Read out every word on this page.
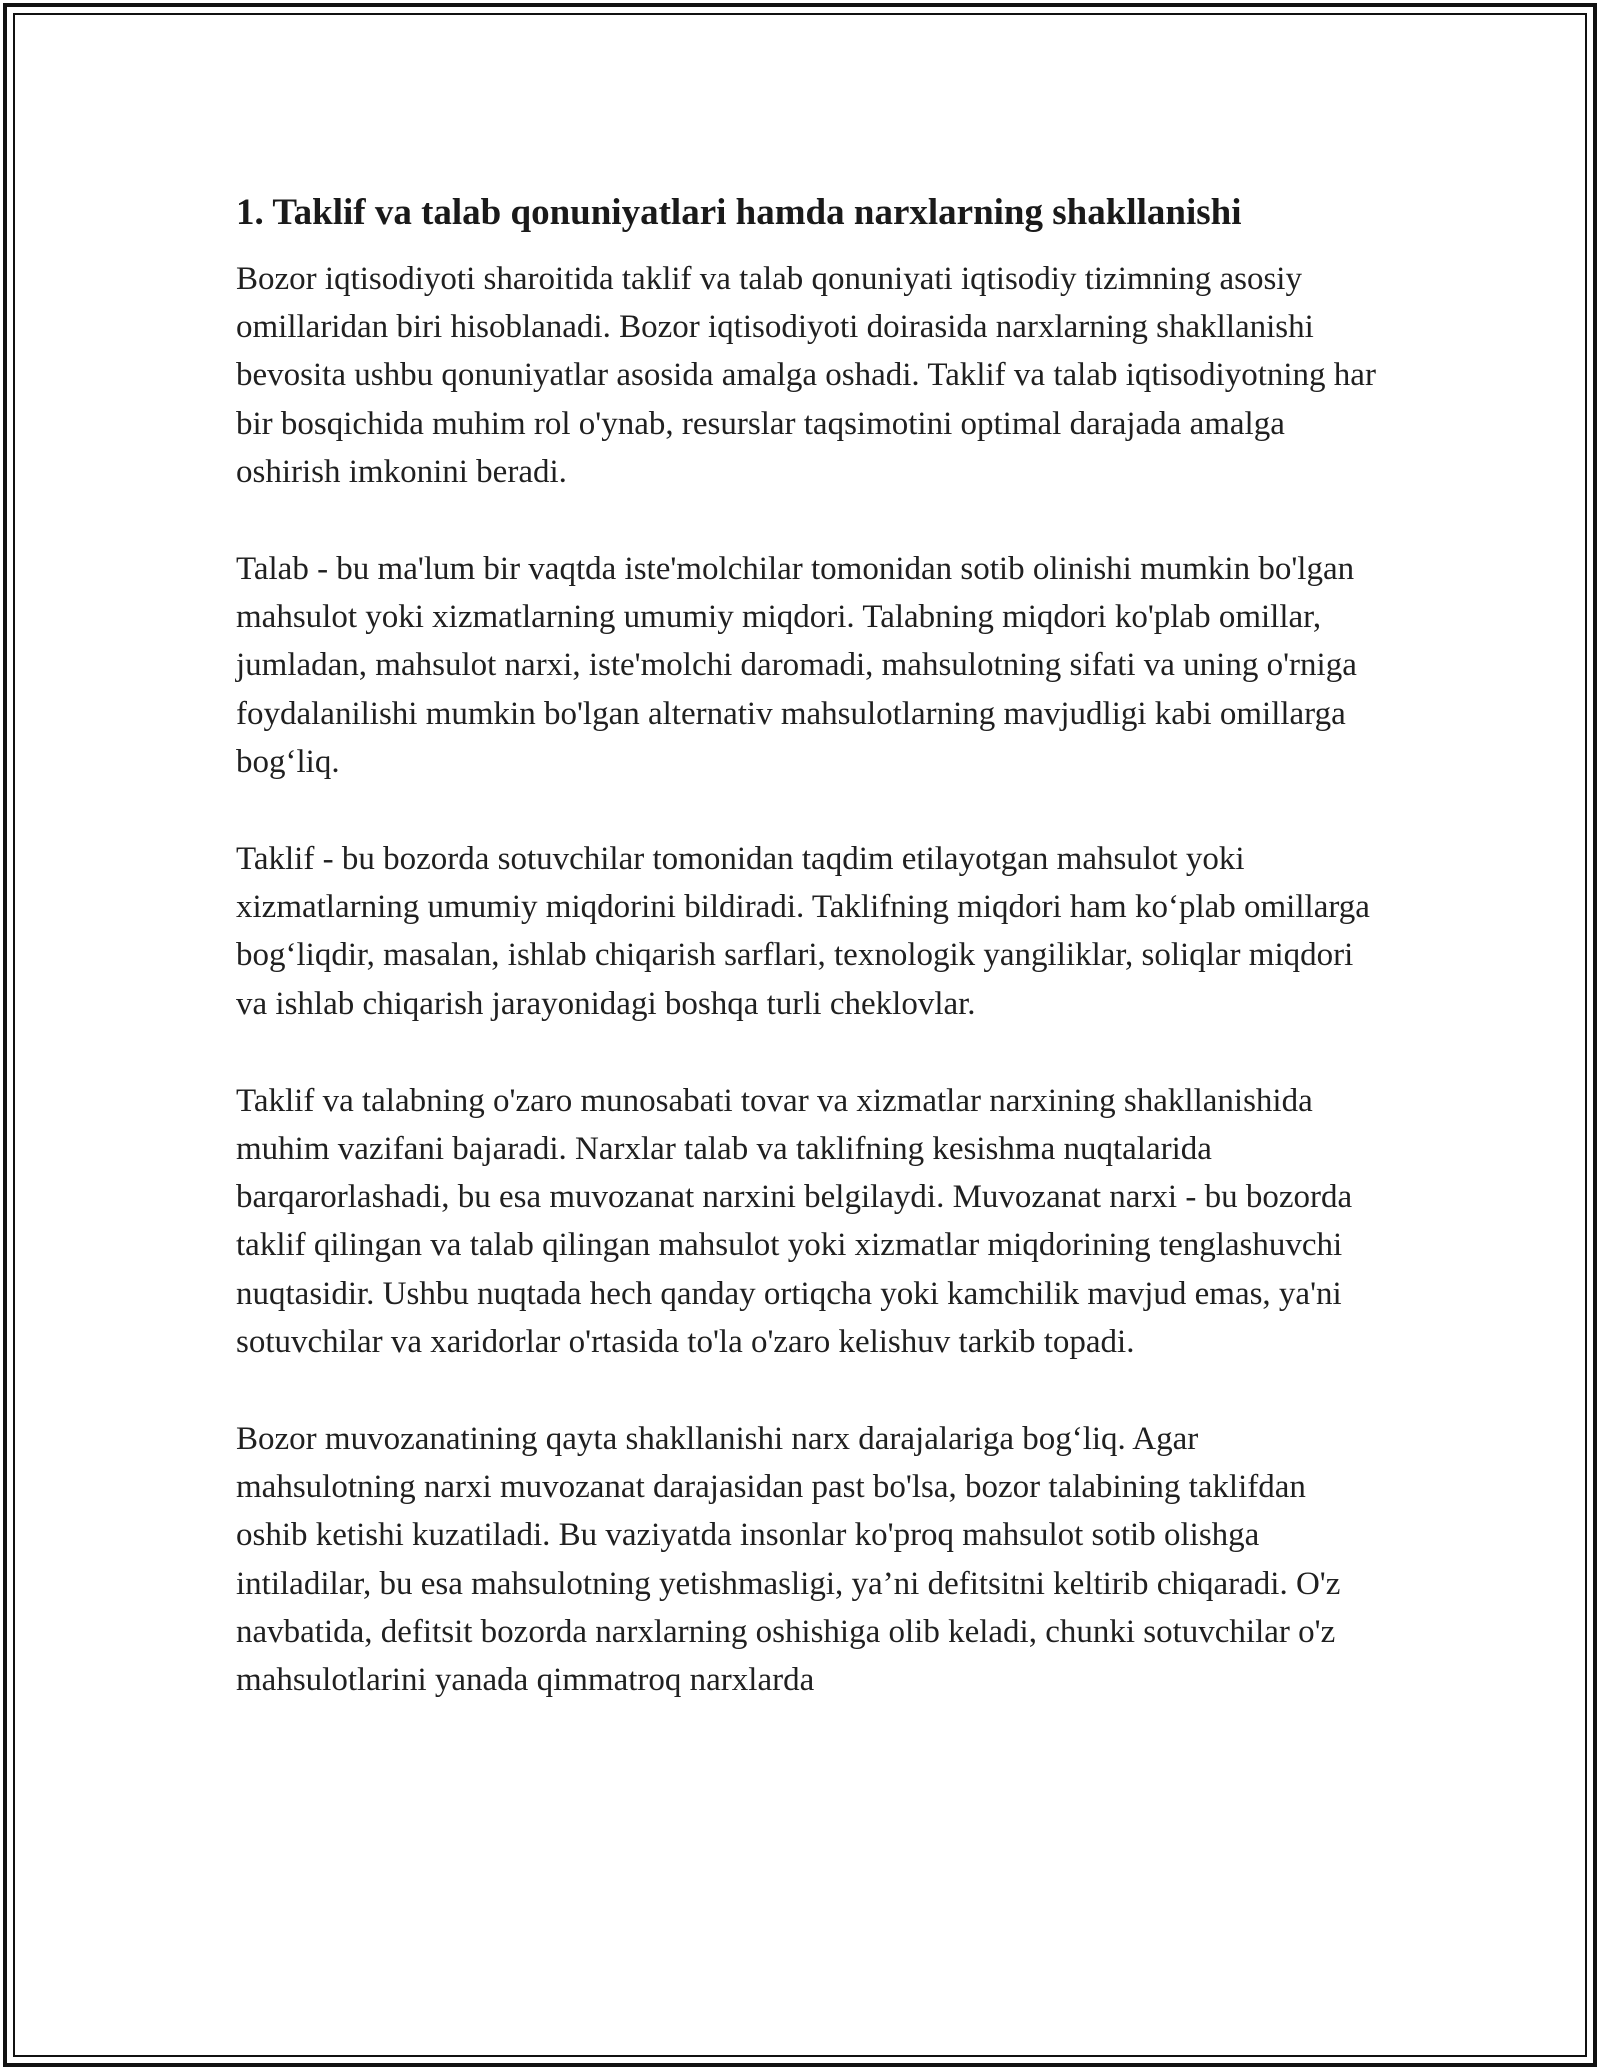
1. Taklif va talab qonuniyatlari hamda narxlarning shakllanishi

Bozor iqtisodiyoti sharoitida taklif va talab qonuniyati iqtisodiy tizimning asosiy omillaridan biri hisoblanadi. Bozor iqtisodiyoti doirasida narxlarning shakllanishi bevosita ushbu qonuniyatlar asosida amalga oshadi. Taklif va talab iqtisodiyotning har bir bosqichida muhim rol o'ynab, resurslar taqsimotini optimal darajada amalga oshirish imkonini beradi.

Talab - bu ma'lum bir vaqtda iste'molchilar tomonidan sotib olinishi mumkin bo'lgan mahsulot yoki xizmatlarning umumiy miqdori. Talabning miqdori ko'plab omillar, jumladan, mahsulot narxi, iste'molchi daromadi, mahsulotning sifati va uning o'rniga foydalanilishi mumkin bo'lgan alternativ mahsulotlarning mavjudligi kabi omillarga bog‘liq.

Taklif - bu bozorda sotuvchilar tomonidan taqdim etilayotgan mahsulot yoki xizmatlarning umumiy miqdorini bildiradi. Taklifning miqdori ham ko‘plab omillarga bog‘liqdir, masalan, ishlab chiqarish sarflari, texnologik yangiliklar, soliqlar miqdori va ishlab chiqarish jarayonidagi boshqa turli cheklovlar.

Taklif va talabning o'zaro munosabati tovar va xizmatlar narxining shakllanishida muhim vazifani bajaradi. Narxlar talab va taklifning kesishma nuqtalarida barqarorlashadi, bu esa muvozanat narxini belgilaydi. Muvozanat narxi - bu bozorda taklif qilingan va talab qilingan mahsulot yoki xizmatlar miqdorining tenglashuvchi nuqtasidir. Ushbu nuqtada hech qanday ortiqcha yoki kamchilik mavjud emas, ya'ni sotuvchilar va xaridorlar o'rtasida to'la o'zaro kelishuv tarkib topadi.

Bozor muvozanatining qayta shakllanishi narx darajalariga bog‘liq. Agar mahsulotning narxi muvozanat darajasidan past bo'lsa, bozor talabining taklifdan oshib ketishi kuzatiladi. Bu vaziyatda insonlar ko'proq mahsulot sotib olishga intiladilar, bu esa mahsulotning yetishmasligi, ya’ni defitsitni keltirib chiqaradi. O'z navbatida, defitsit bozorda narxlarning oshishiga olib keladi, chunki sotuvchilar o'z mahsulotlarini yanada qimmatroq narxlarda
